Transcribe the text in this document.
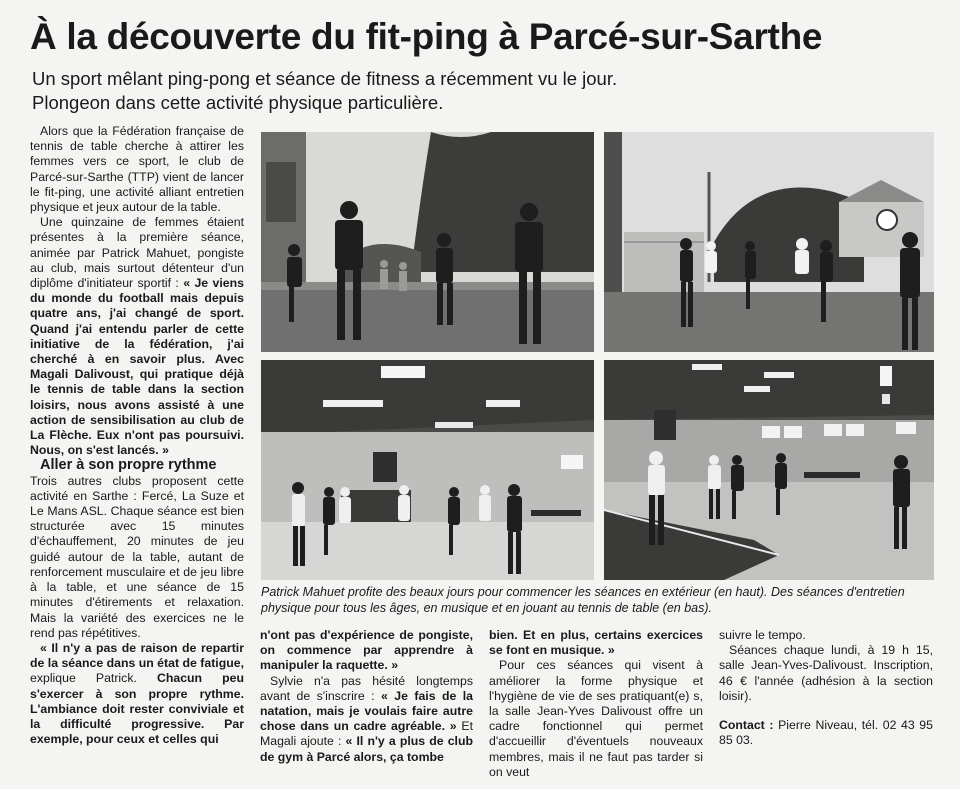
À la découverte du fit-ping à Parcé-sur-Sarthe
Un sport mêlant ping-pong et séance de fitness a récemment vu le jour.
Plongeon dans cette activité physique particulière.

Alors que la Fédération française de tennis de table cherche à attirer les femmes vers ce sport, le club de Parcé-sur-Sarthe (TTP) vient de lancer le fit-ping, une activité alliant entretien physique et jeux autour de la table.

Une quinzaine de femmes étaient présentes à la première séance, animée par Patrick Mahuet, pongiste au club, mais surtout détenteur d'un diplôme d'initiateur sportif : « Je viens du monde du football mais depuis quatre ans, j'ai changé de sport. Quand j'ai entendu parler de cette initiative de la fédération, j'ai cherché à en savoir plus. Avec Magali Dalivoust, qui pratique déjà le tennis de table dans la section loisirs, nous avons assisté à une action de sensibilisation au club de La Flèche. Eux n'ont pas poursuivi. Nous, on s'est lancés. »

Aller à son propre rythme

Trois autres clubs proposent cette activité en Sarthe : Fercé, La Suze et Le Mans ASL. Chaque séance est bien structurée avec 15 minutes d'échauffement, 20 minutes de jeu guidé autour de la table, autant de renforcement musculaire et de jeu libre à la table, et une séance de 15 minutes d'étirements et relaxation. Mais la variété des exercices ne le rend pas répétitives.

« Il n'y a pas de raison de repartir de la séance dans un état de fatigue, explique Patrick. Chacun peu s'exercer à son propre rythme. L'ambiance doit rester conviviale et la difficulté progressive. Par exemple, pour ceux et celles qui

Patrick Mahuet profite des beaux jours pour commencer les séances en extérieur (en haut). Des séances d'entretien
physique pour tous les âges, en musique et en jouant au tennis de table (en bas).

n'ont pas d'expérience de pongiste, on commence par apprendre à manipuler la raquette. »

Sylvie n'a pas hésité longtemps avant de s'inscrire : « Je fais de la natation, mais je voulais faire autre chose dans un cadre agréable. » Et Magali ajoute : « Il n'y a plus de club de gym à Parcé alors, ça tombe

bien. Et en plus, certains exercices se font en musique. »

Pour ces séances qui visent à améliorer la forme physique et l'hygiène de vie de ses pratiquant(e) s, la salle Jean-Yves Dalivoust offre un cadre fonctionnel qui permet d'accueillir d'éventuels nouveaux membres, mais il ne faut pas tarder si on veut

suivre le tempo.

Séances chaque lundi, à 19 h 15, salle Jean-Yves-Dalivoust. Inscription, 46 € l'année (adhésion à la section loisir).

Contact : Pierre Niveau, tél. 02 43 95 85 03.
